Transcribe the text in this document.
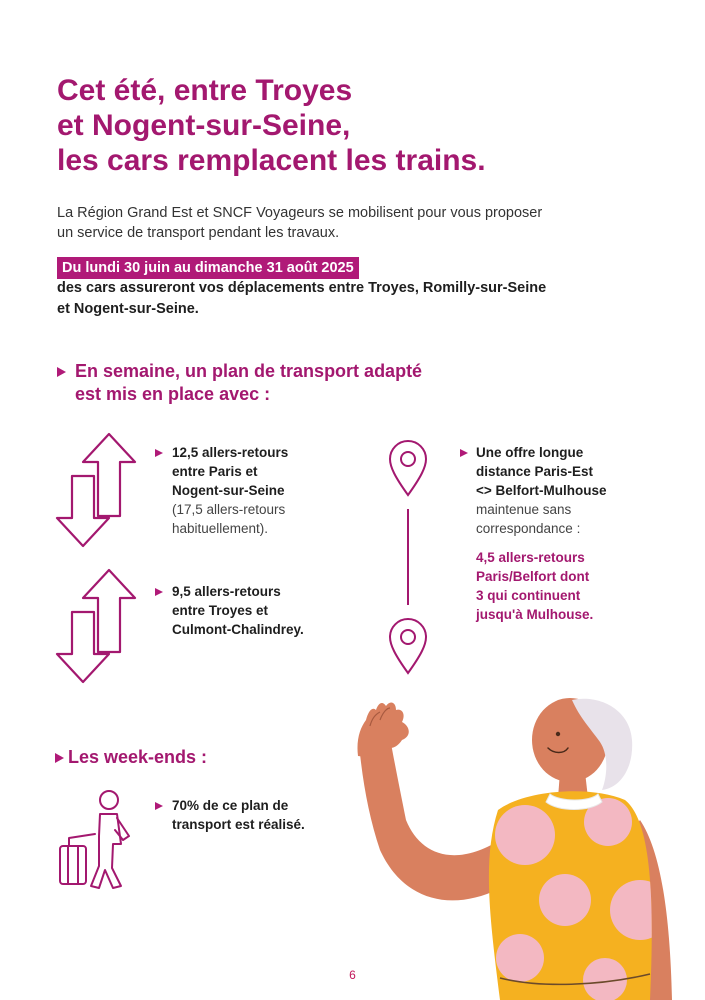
Cet été, entre Troyes
et Nogent-sur-Seine,
les cars remplacent les trains.
La Région Grand Est et SNCF Voyageurs se mobilisent pour vous proposer
un service de transport pendant les travaux.
Du lundi 30 juin au dimanche 31 août 2025
des cars assureront vos déplacements entre Troyes, Romilly-sur-Seine
et Nogent-sur-Seine.
En semaine, un plan de transport adapté
est mis en place avec :
12,5 allers-retours
entre Paris et
Nogent-sur-Seine
(17,5 allers-retours
habituellement).
9,5 allers-retours
entre Troyes et
Culmont-Chalindrey.
Une offre longue
distance Paris-Est
<> Belfort-Mulhouse
maintenue sans
correspondance :
4,5 allers-retours
Paris/Belfort dont
3 qui continuent
jusqu'à Mulhouse.
Les week-ends :
70% de ce plan de
transport est réalisé.
6
